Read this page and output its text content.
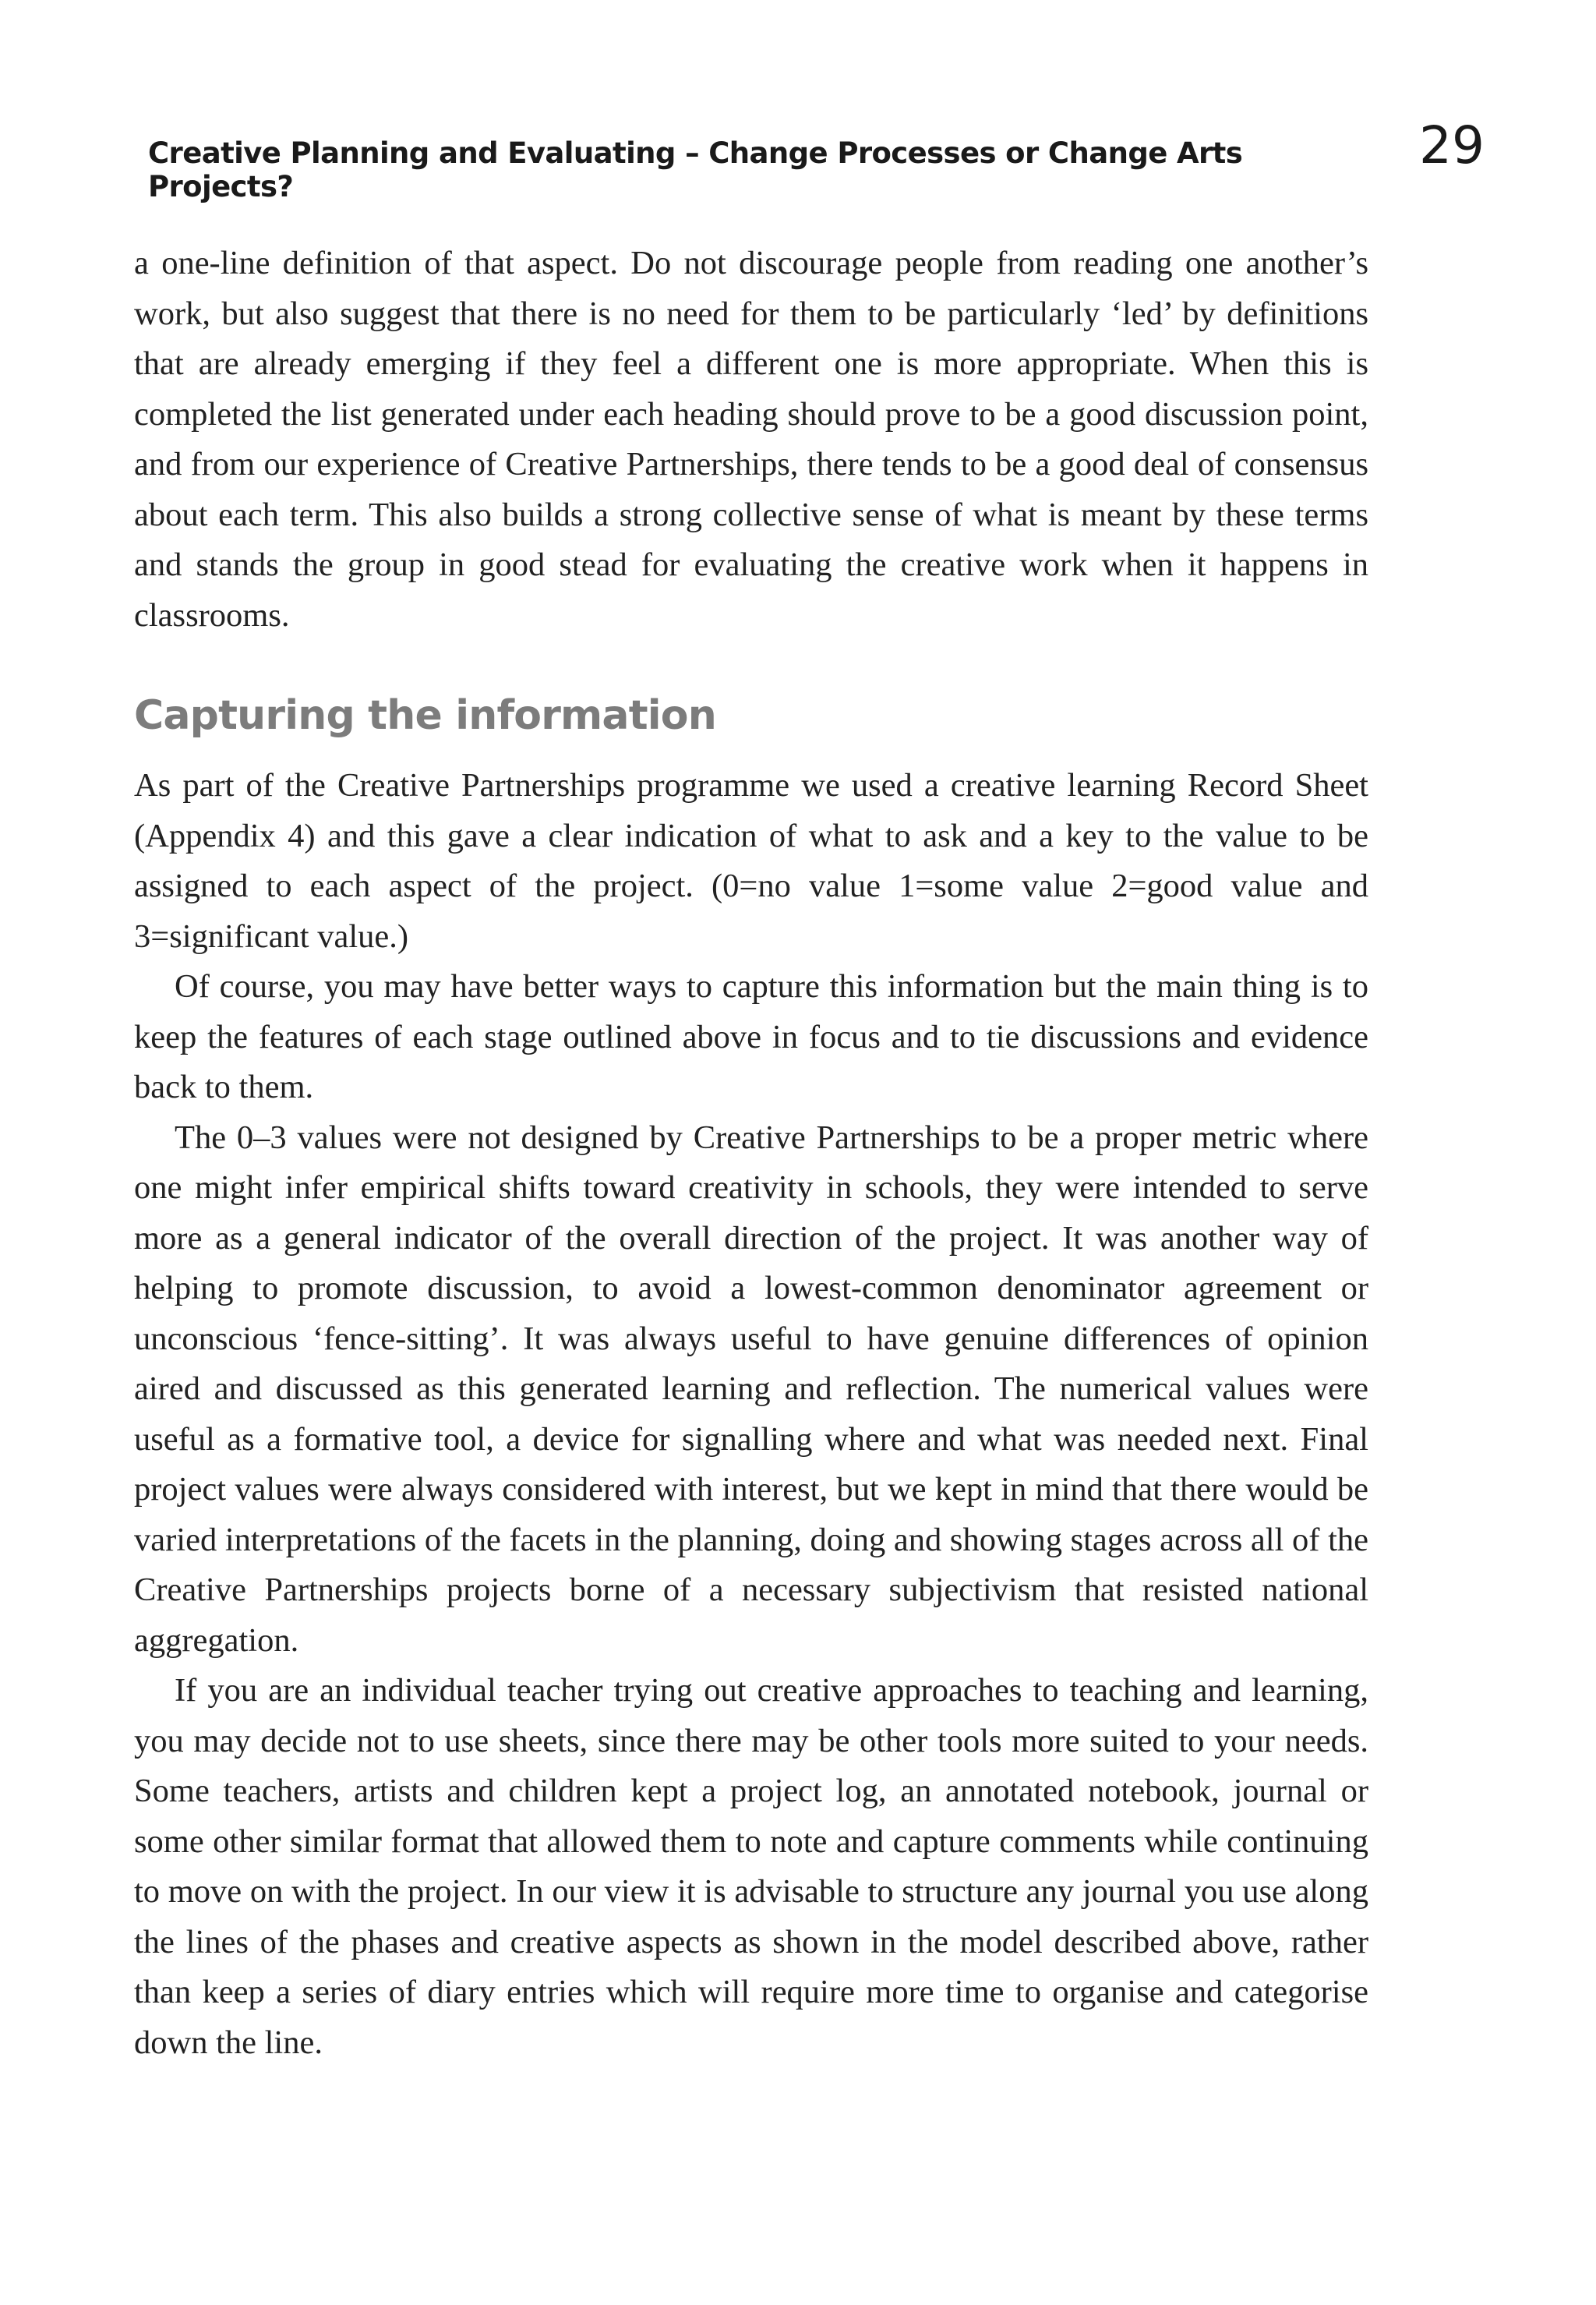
Creative Planning and Evaluating – Change Processes or Change Arts Projects?
29

a one-line definition of that aspect. Do not discourage people from reading one another’s work, but also suggest that there is no need for them to be particularly ‘led’ by definitions that are already emerging if they feel a different one is more appropriate. When this is completed the list generated under each heading should prove to be a good discussion point, and from our experience of Creative Partnerships, there tends to be a good deal of consensus about each term. This also builds a strong collective sense of what is meant by these terms and stands the group in good stead for evaluating the creative work when it happens in classrooms.

Capturing the information

As part of the Creative Partnerships programme we used a creative learning Record Sheet (Appendix 4) and this gave a clear indication of what to ask and a key to the value to be assigned to each aspect of the project. (0=no value 1=some value 2=good value and 3=significant value.)

Of course, you may have better ways to capture this information but the main thing is to keep the features of each stage outlined above in focus and to tie discussions and evidence back to them.

The 0–3 values were not designed by Creative Partnerships to be a proper metric where one might infer empirical shifts toward creativity in schools, they were intended to serve more as a general indicator of the overall direction of the project. It was another way of helping to promote discussion, to avoid a lowest-common denominator agreement or unconscious ‘fence-sitting’. It was always useful to have genuine differences of opinion aired and discussed as this generated learning and reflection. The numerical values were useful as a formative tool, a device for signalling where and what was needed next. Final project values were always considered with interest, but we kept in mind that there would be varied interpretations of the facets in the planning, doing and showing stages across all of the Creative Partnerships projects borne of a necessary subjectivism that resisted national aggregation.

If you are an individual teacher trying out creative approaches to teaching and learning, you may decide not to use sheets, since there may be other tools more suited to your needs. Some teachers, artists and children kept a project log, an annotated notebook, journal or some other similar format that allowed them to note and capture comments while continuing to move on with the project. In our view it is advisable to structure any journal you use along the lines of the phases and creative aspects as shown in the model described above, rather than keep a series of diary entries which will require more time to organise and categorise down the line.
